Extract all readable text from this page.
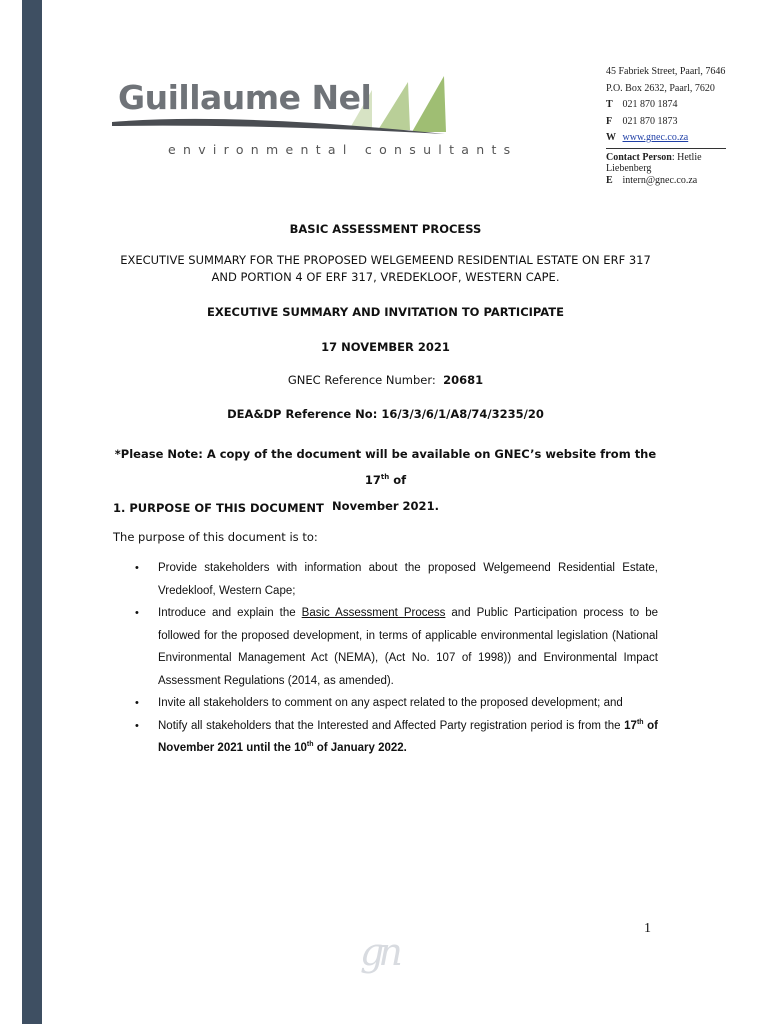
Guillaume Nel
environmental consultants
45 Fabriek Street, Paarl, 7646
P.O. Box 2632, Paarl, 7620
T 021 870 1874
F 021 870 1873
W www.gnec.co.za
Contact Person: Hetlie Liebenberg
E intern@gnec.co.za
BASIC ASSESSMENT PROCESS
EXECUTIVE SUMMARY FOR THE PROPOSED WELGEMEEND RESIDENTIAL ESTATE ON ERF 317
AND PORTION 4 OF ERF 317, VREDEKLOOF, WESTERN CAPE.
EXECUTIVE SUMMARY AND INVITATION TO PARTICIPATE
17 NOVEMBER 2021
GNEC Reference Number: 20681
DEA&DP Reference No: 16/3/3/6/1/A8/74/3235/20
*Please Note: A copy of the document will be available on GNEC’s website from the 17th of
November 2021.
1. PURPOSE OF THIS DOCUMENT
The purpose of this document is to:
• Provide stakeholders with information about the proposed Welgemeend Residential Estate, Vredekloof, Western Cape;
• Introduce and explain the Basic Assessment Process and Public Participation process to be followed for the proposed development, in terms of applicable environmental legislation (National Environmental Management Act (NEMA), (Act No. 107 of 1998)) and Environmental Impact Assessment Regulations (2014, as amended).
• Invite all stakeholders to comment on any aspect related to the proposed development; and
• Notify all stakeholders that the Interested and Affected Party registration period is from the 17th of November 2021 until the 10th of January 2022.
1
gn
